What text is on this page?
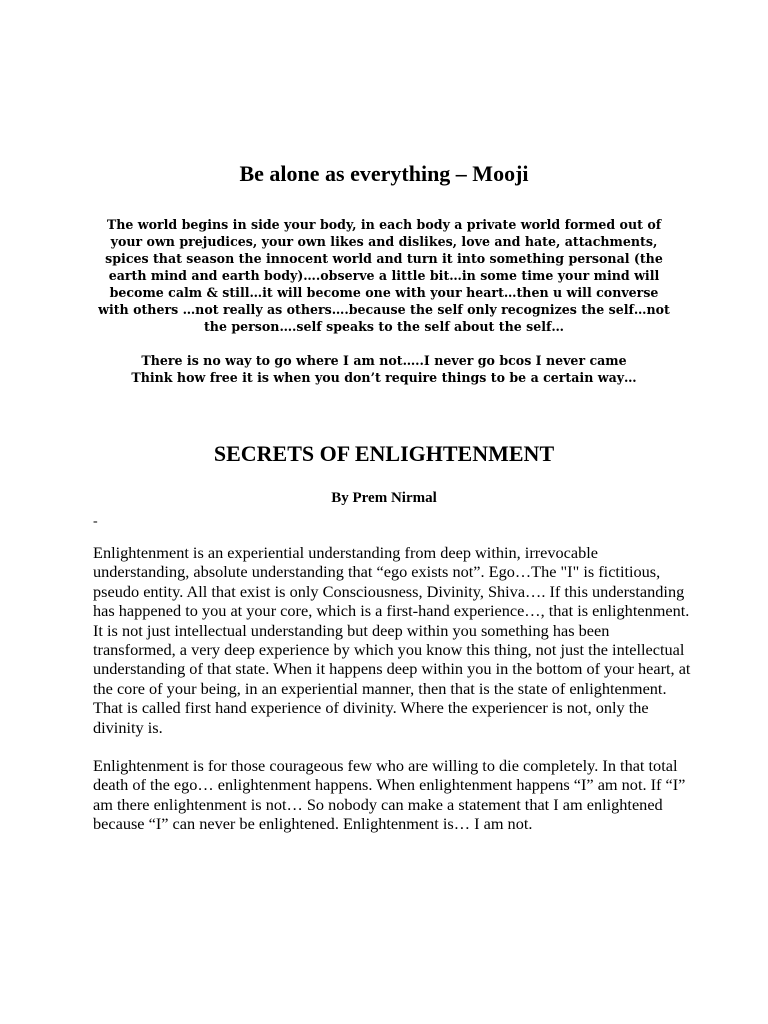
Be alone as everything – Mooji

The world begins in side your body, in each body a private world formed out of your own prejudices, your own likes and dislikes, love and hate, attachments, spices that season the innocent world and turn it into something personal (the earth mind and earth body)….observe a little bit…in some time your mind will become calm & still…it will become one with your heart…then u will converse with others …not really as others….because the self only recognizes the self…not the person….self speaks to the self about the self…

There is no way to go where I am not…..I never go bcos I never came

Think how free it is when you don’t require things to be a certain way…

SECRETS OF ENLIGHTENMENT
By Prem Nirmal
-

Enlightenment is an experiential understanding from deep within, irrevocable understanding, absolute understanding that “ego exists not”. Ego…The "I" is fictitious, pseudo entity. All that exist is only Consciousness, Divinity, Shiva…. If this understanding has happened to you at your core, which is a first-hand experience…, that is enlightenment. It is not just intellectual understanding but deep within you something has been transformed, a very deep experience by which you know this thing, not just the intellectual understanding of that state. When it happens deep within you in the bottom of your heart, at the core of your being, in an experiential manner, then that is the state of enlightenment. That is called first hand experience of divinity. Where the experiencer is not, only the divinity is.

Enlightenment is for those courageous few who are willing to die completely. In that total death of the ego… enlightenment happens. When enlightenment happens “I” am not. If “I” am there enlightenment is not… So nobody can make a statement that I am enlightened because “I” can never be enlightened. Enlightenment is… I am not.
